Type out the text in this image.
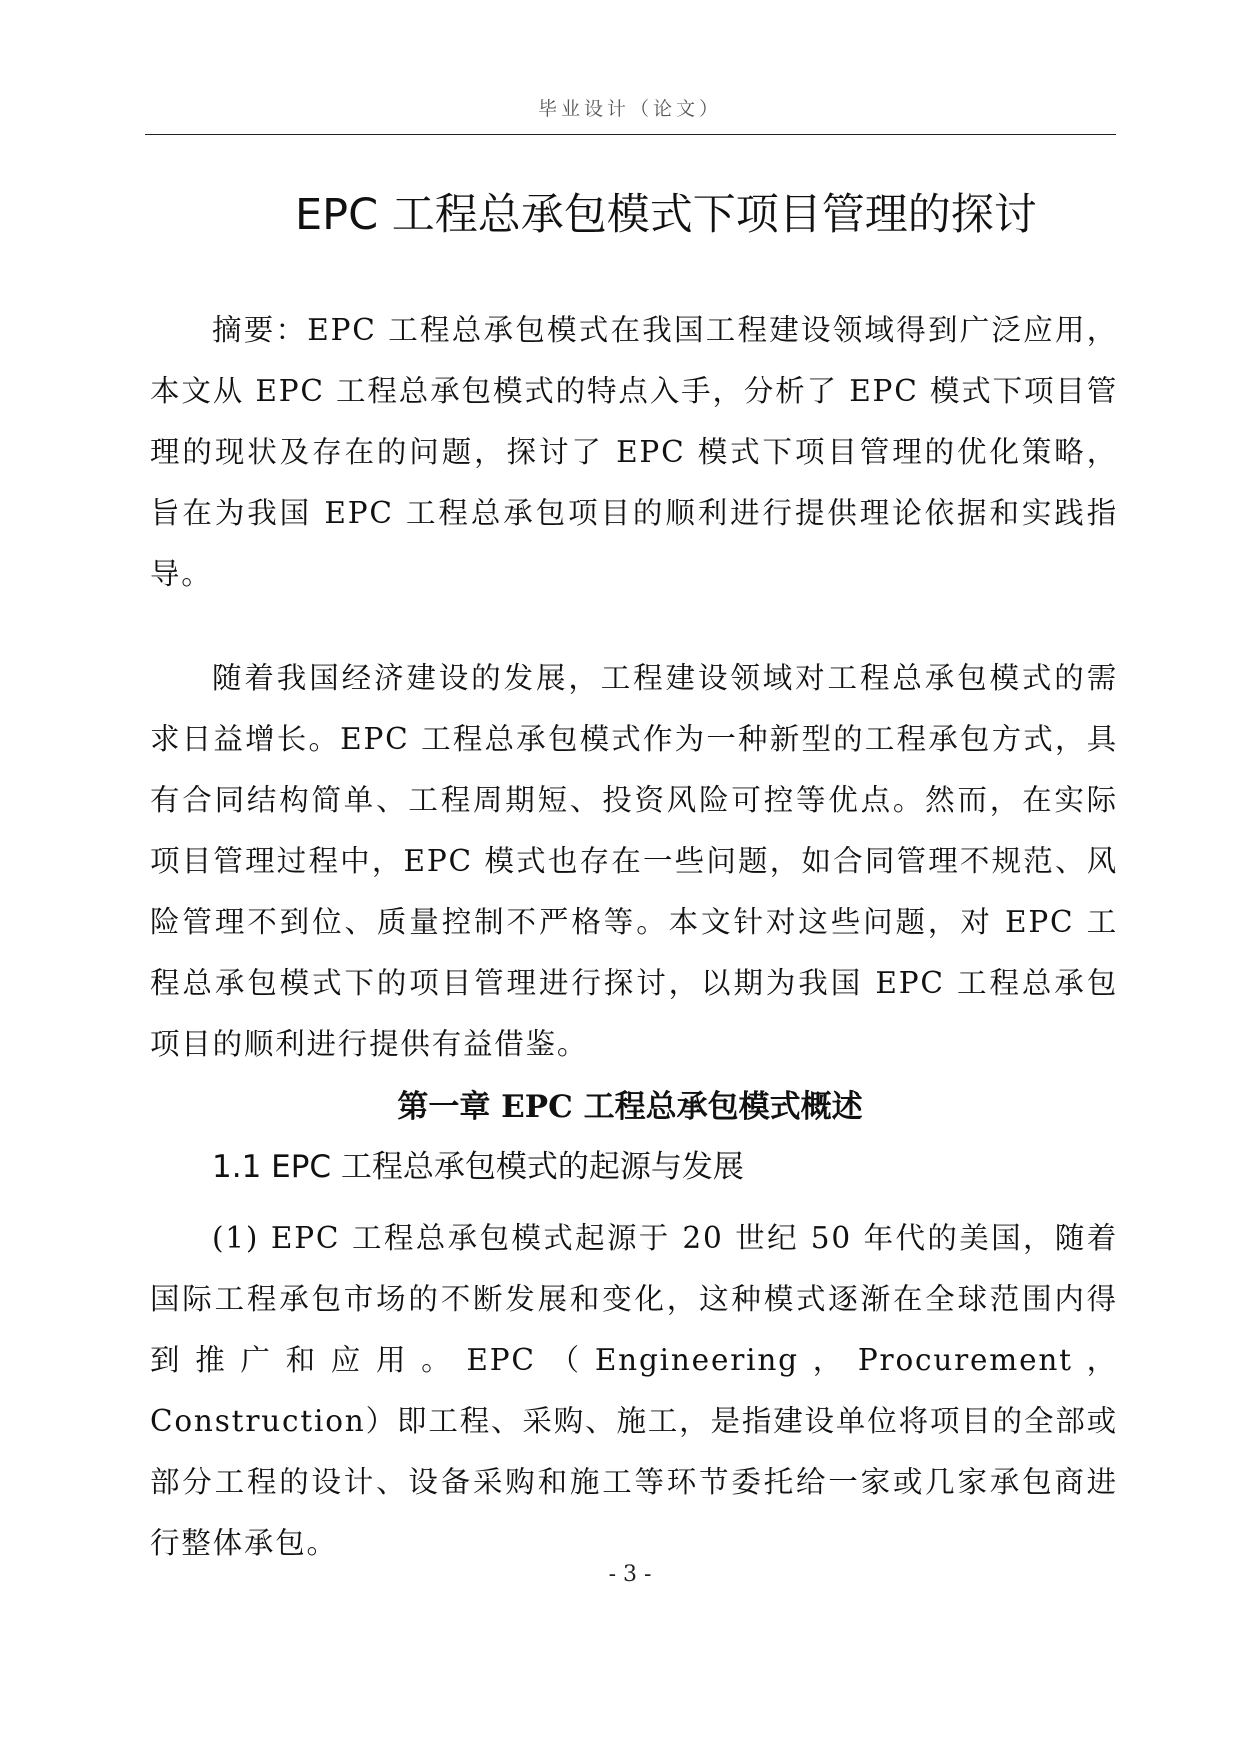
毕业设计（论文）
EPC 工程总承包模式下项目管理的探讨

摘要：EPC 工程总承包模式在我国工程建设领域得到广泛应用，本文从 EPC 工程总承包模式的特点入手，分析了 EPC 模式下项目管理的现状及存在的问题，探讨了 EPC 模式下项目管理的优化策略，旨在为我国 EPC 工程总承包项目的顺利进行提供理论依据和实践指导。

随着我国经济建设的发展，工程建设领域对工程总承包模式的需求日益增长。EPC 工程总承包模式作为一种新型的工程承包方式，具有合同结构简单、工程周期短、投资风险可控等优点。然而，在实际项目管理过程中，EPC 模式也存在一些问题，如合同管理不规范、风险管理不到位、质量控制不严格等。本文针对这些问题，对 EPC 工程总承包模式下的项目管理进行探讨，以期为我国 EPC 工程总承包项目的顺利进行提供有益借鉴。

第一章 EPC 工程总承包模式概述
1.1 EPC 工程总承包模式的起源与发展

(1) EPC 工程总承包模式起源于 20 世纪 50 年代的美国，随着国际工程承包市场的不断发展和变化，这种模式逐渐在全球范围内得到推广和应用。EPC（Engineering，Procurement，Construction）即工程、采购、施工，是指建设单位将项目的全部或部分工程的设计、设备采购和施工等环节委托给一家或几家承包商进行整体承包。

- 3 -
